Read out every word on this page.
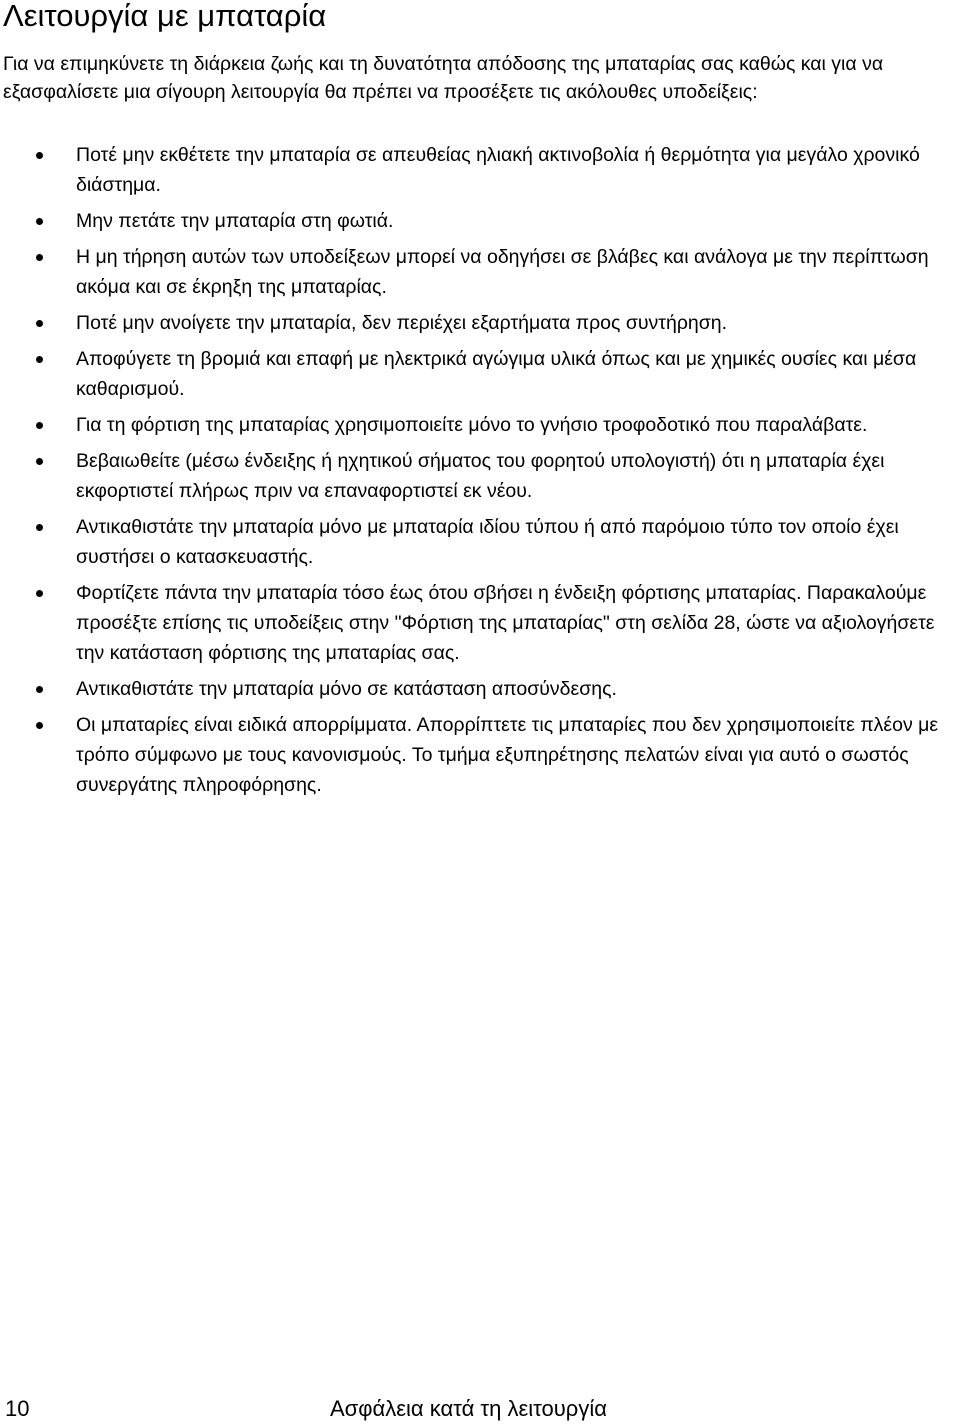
Λειτουργία με μπαταρία

Για να επιμηκύνετε τη διάρκεια ζωής και τη δυνατότητα απόδοσης της μπαταρίας σας καθώς και για να εξασφαλίσετε μια σίγουρη λειτουργία θα πρέπει να προσέξετε τις ακόλουθες υποδείξεις:

Ποτέ μην εκθέτετε την μπαταρία σε απευθείας ηλιακή ακτινοβολία ή θερμότητα για μεγάλο χρονικό διάστημα.
Μην πετάτε την μπαταρία στη φωτιά.
Η μη τήρηση αυτών των υποδείξεων μπορεί να οδηγήσει σε βλάβες και ανάλογα με την περίπτωση ακόμα και σε έκρηξη της μπαταρίας.
Ποτέ μην ανοίγετε την μπαταρία, δεν περιέχει εξαρτήματα προς συντήρηση.
Αποφύγετε τη βρομιά και επαφή με ηλεκτρικά αγώγιμα υλικά όπως και με χημικές ουσίες και μέσα καθαρισμού.
Για τη φόρτιση της μπαταρίας χρησιμοποιείτε μόνο το γνήσιο τροφοδοτικό που παραλάβατε.
Βεβαιωθείτε (μέσω ένδειξης ή ηχητικού σήματος του φορητού υπολογιστή) ότι η μπαταρία έχει εκφορτιστεί πλήρως πριν να επαναφορτιστεί εκ νέου.
Αντικαθιστάτε την μπαταρία μόνο με μπαταρία ιδίου τύπου ή από παρόμοιο τύπο τον οποίο έχει συστήσει ο κατασκευαστής.
Φορτίζετε πάντα την μπαταρία τόσο έως ότου σβήσει η ένδειξη φόρτισης μπαταρίας. Παρακαλούμε προσέξτε επίσης τις υποδείξεις στην "Φόρτιση της μπαταρίας" στη σελίδα 28, ώστε να αξιολογήσετε την κατάσταση φόρτισης της μπαταρίας σας.
Αντικαθιστάτε την μπαταρία μόνο σε κατάσταση αποσύνδεσης.
Οι μπαταρίες είναι ειδικά απορρίμματα. Απορρίπτετε τις μπαταρίες που δεν χρησιμοποιείτε πλέον με τρόπο σύμφωνο με τους κανονισμούς. Το τμήμα εξυπηρέτησης πελατών είναι για αυτό ο σωστός συνεργάτης πληροφόρησης.
10	Ασφάλεια κατά τη λειτουργία
